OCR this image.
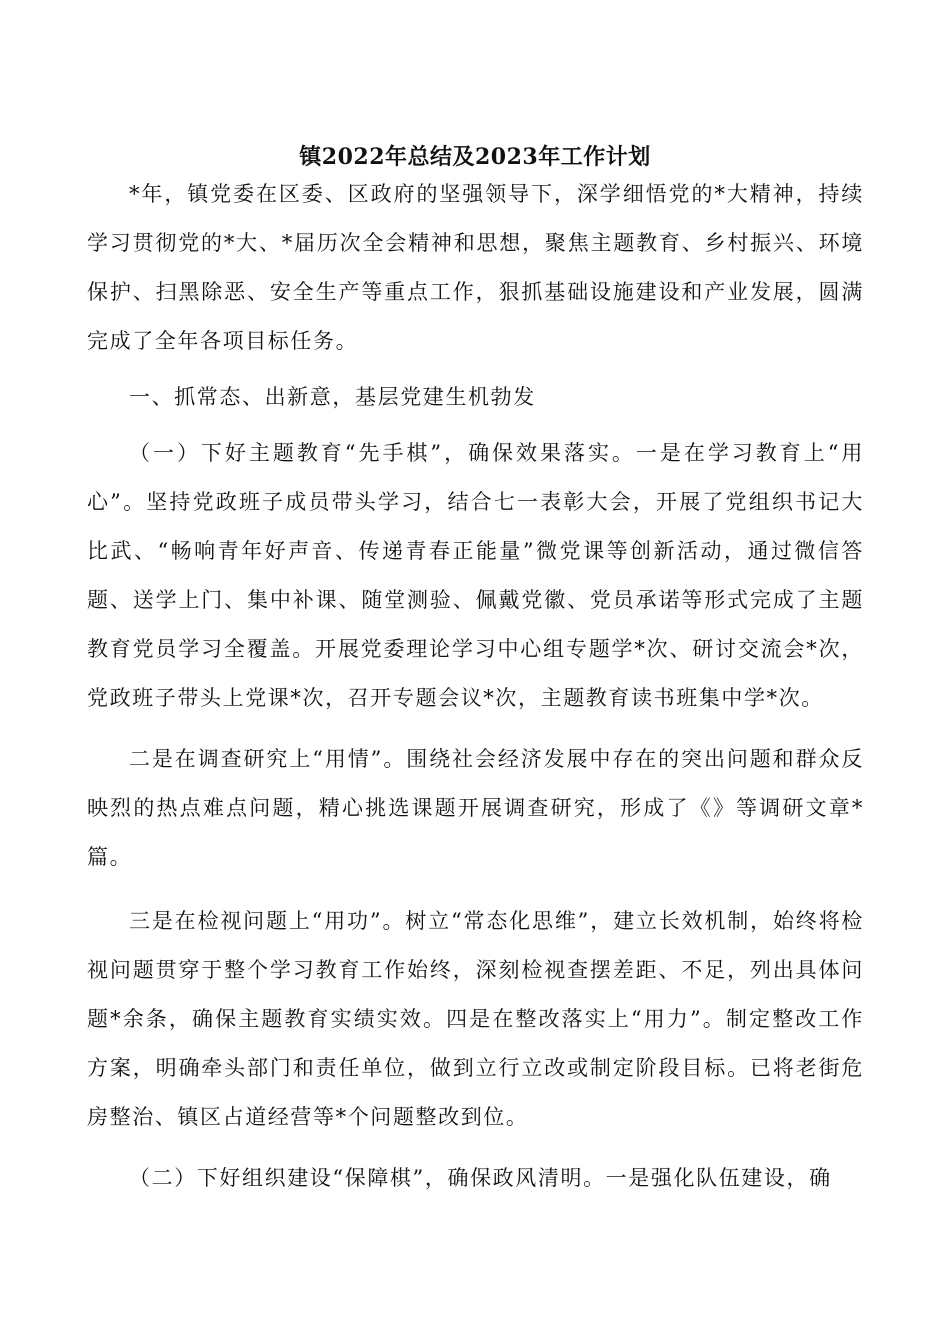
镇2022年总结及2023年工作计划

*年，镇党委在区委、区政府的坚强领导下，深学细悟党的*大精神，持续学习贯彻党的*大、*届历次全会精神和思想，聚焦主题教育、乡村振兴、环境保护、扫黑除恶、安全生产等重点工作，狠抓基础设施建设和产业发展，圆满完成了全年各项目标任务。

一、抓常态、出新意，基层党建生机勃发

（一）下好主题教育“先手棋”，确保效果落实。一是在学习教育上“用心”。坚持党政班子成员带头学习，结合七一表彰大会，开展了党组织书记大比武、“畅响青年好声音、传递青春正能量”微党课等创新活动，通过微信答题、送学上门、集中补课、随堂测验、佩戴党徽、党员承诺等形式完成了主题教育党员学习全覆盖。开展党委理论学习中心组专题学*次、研讨交流会*次，党政班子带头上党课*次，召开专题会议*次，主题教育读书班集中学*次。

二是在调查研究上“用情”。围绕社会经济发展中存在的突出问题和群众反映烈的热点难点问题，精心挑选课题开展调查研究，形成了《》等调研文章*篇。

三是在检视问题上“用功”。树立“常态化思维”，建立长效机制，始终将检视问题贯穿于整个学习教育工作始终，深刻检视查摆差距、不足，列出具体问题*余条，确保主题教育实绩实效。四是在整改落实上“用力”。制定整改工作方案，明确牵头部门和责任单位，做到立行立改或制定阶段目标。已将老街危房整治、镇区占道经营等*个问题整改到位。

（二）下好组织建设“保障棋”，确保政风清明。一是强化队伍建设，确
